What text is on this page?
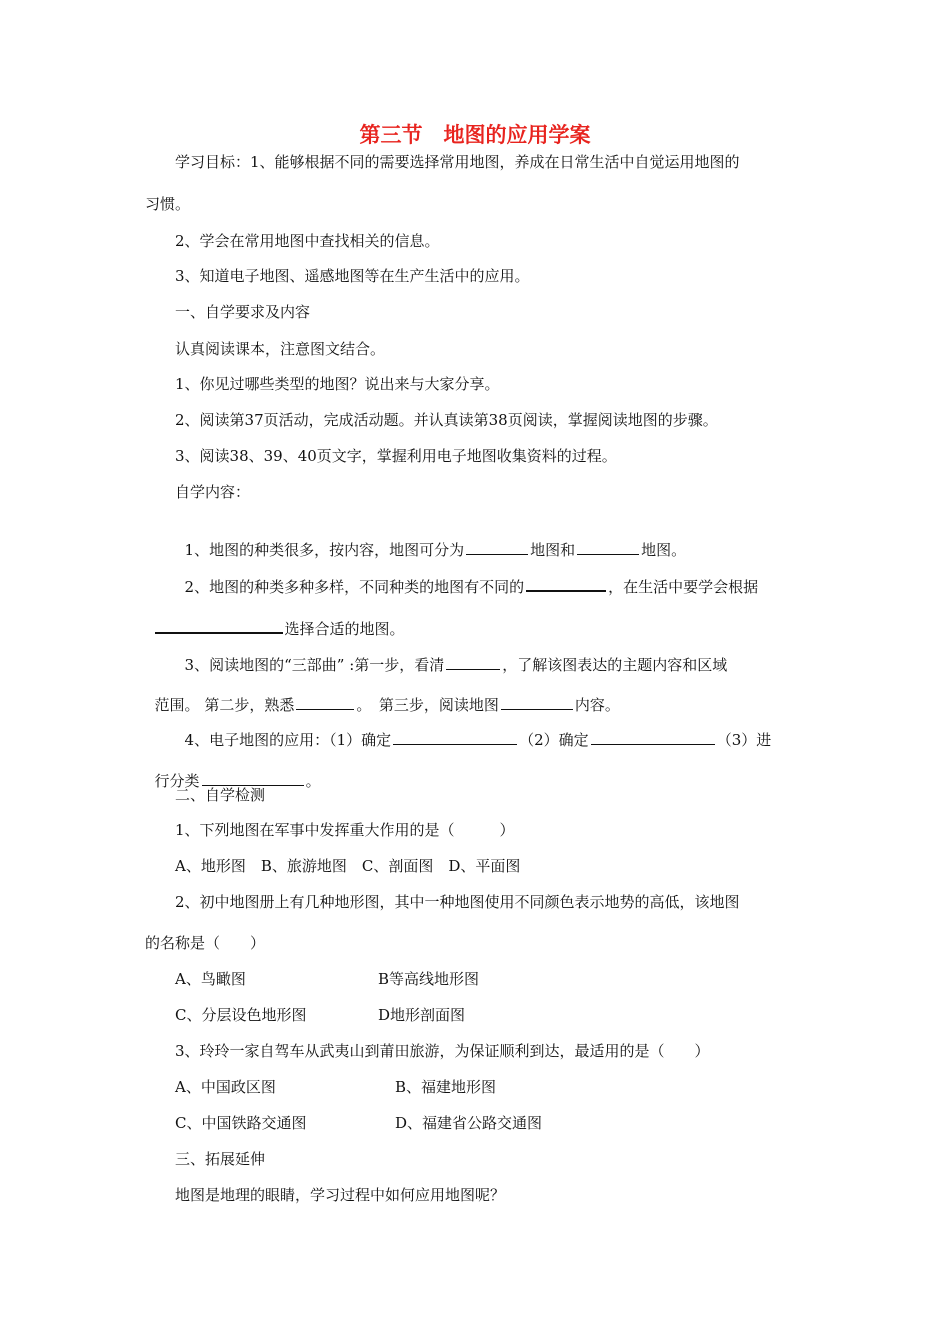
第三节　地图的应用学案
学习目标：1、能够根据不同的需要选择常用地图，养成在日常生活中自觉运用地图的
习惯。
2、学会在常用地图中查找相关的信息。
3、知道电子地图、遥感地图等在生产生活中的应用。
一、自学要求及内容
认真阅读课本，注意图文结合。
1、你见过哪些类型的地图？说出来与大家分享。
2、阅读第37页活动，完成活动题。并认真读第38页阅读，掌握阅读地图的步骤。
3、阅读38、39、40页文字，掌握利用电子地图收集资料的过程。
自学内容：

1、地图的种类很多，按内容，地图可分为	地图和	地图。

2、地图的种类多种多样，不同种类的地图有不同的	，在生活中要学会根据

选择合适的地图。

3、阅读地图的“三部曲” :第一步，看清	，了解该图表达的主题内容和区域

范围。 第二步，熟悉	。　第三步，阅读地图	内容。

4、电子地图的应用：（1）确定	（2）确定	（3）进

行分类	。

二、自学检测
1、下列地图在军事中发挥重大作用的是（　　　）
A、地形图　B、旅游地图　C、剖面图　D、平面图
2、初中地图册上有几种地形图，其中一种地图使用不同颜色表示地势的高低，该地图
的名称是（　　）
A、鸟瞰图	B等高线地形图
C、分层设色地形图	D地形剖面图
3、玲玲一家自驾车从武夷山到莆田旅游，为保证顺利到达，最适用的是（　　）
A、中国政区图	B、福建地形图
C、中国铁路交通图	D、福建省公路交通图
三、拓展延伸
地图是地理的眼睛，学习过程中如何应用地图呢？
